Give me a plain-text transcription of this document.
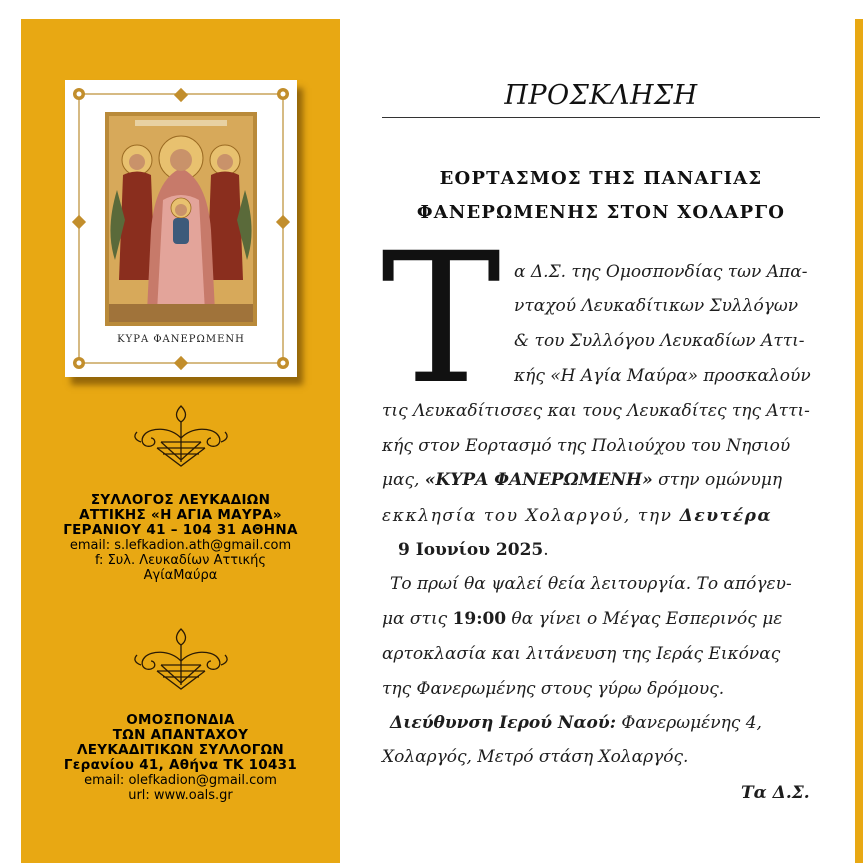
ΚΥΡΑ ΦΑΝΕΡΩΜΕΝΗ
ΣΥΛΛΟΓΟΣ ΛΕΥΚΑΔΙΩΝ
ΑΤΤΙΚΗΣ «Η ΑΓΙΑ ΜΑΥΡΑ»
ΓΕΡΑΝΙΟΥ 41 – 104 31 ΑΘΗΝΑ
email: s.lefkadion.ath@gmail.com
f: Συλ. Λευκαδίων Αττικής
ΑγίαΜαύρα
ΟΜΟΣΠΟΝΔΙΑ
ΤΩΝ ΑΠΑΝΤΑΧΟΥ
ΛΕΥΚΑΔΙΤΙΚΩΝ ΣΥΛΛΟΓΩΝ
Γερανίου 41, Αθήνα ΤΚ 10431
email: olefkadion@gmail.com
url: www.oals.gr
ΠΡΟΣΚΛΗΣΗ
ΕΟΡΤΑΣΜΟΣ ΤΗΣ ΠΑΝΑΓΙΑΣ
ΦΑΝΕΡΩΜΕΝΗΣ ΣΤΟΝ ΧΟΛΑΡΓΟ
Τ α Δ.Σ. της Ομοσπονδίας των Απα-
νταχού Λευκαδίτικων Συλλόγων
& του Συλλόγου Λευκαδίων Αττι-
κής «Η Αγία Μαύρα» προσκαλούν
τις Λευκαδίτισσες και τους Λευκαδίτες της Αττι-
κής στον Εορτασμό της Πολιούχου του Νησιού
μας, «ΚΥΡΑ ΦΑΝΕΡΩΜΕΝΗ» στην ομώνυμη
εκκλησία του Χολαργού, την Δευτέρα
9 Ιουνίου 2025.
Το πρωί θα ψαλεί θεία λειτουργία. Το απόγευ-
μα στις 19:00 θα γίνει ο Μέγας Εσπερινός με
αρτοκλασία και λιτάνευση της Ιεράς Εικόνας
της Φανερωμένης στους γύρω δρόμους.
Διεύθυνση Ιερού Ναού: Φανερωμένης 4,
Χολαργός, Μετρό στάση Χολαργός.
Τα Δ.Σ.
